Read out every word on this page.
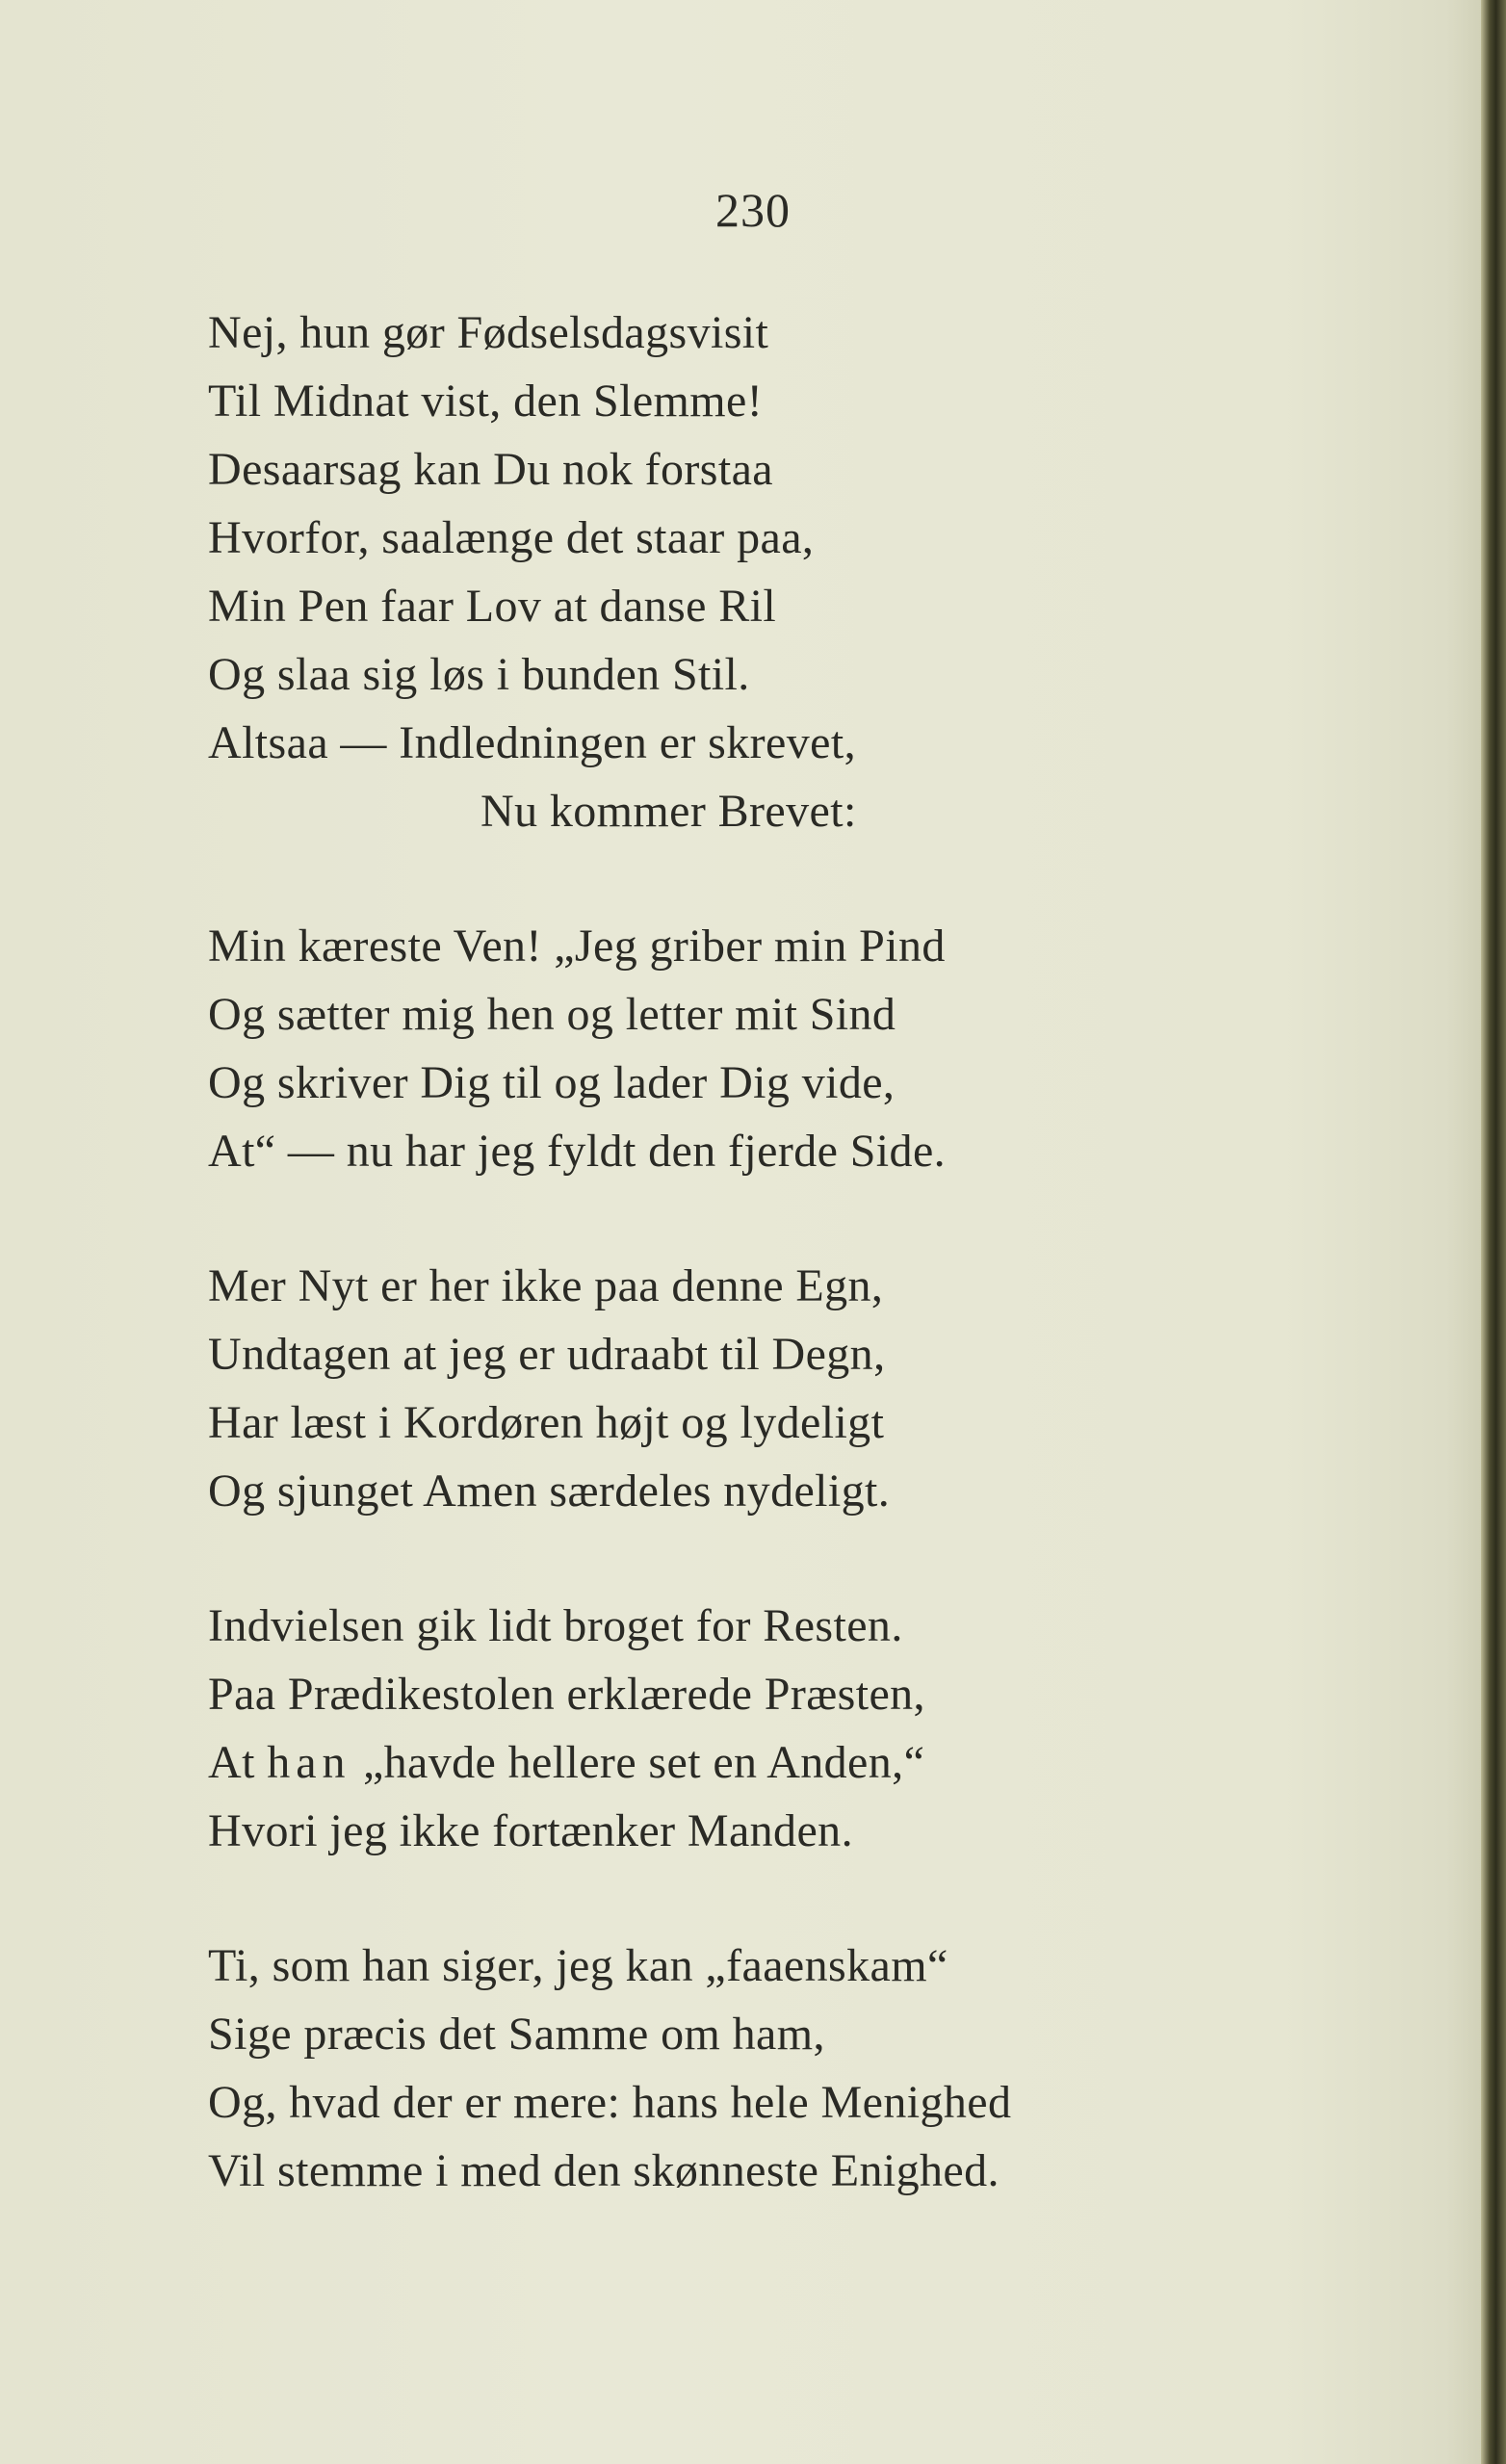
230
Nej, hun gør Fødselsdagsvisit
Til Midnat vist, den Slemme!
Desaarsag kan Du nok forstaa
Hvorfor, saalænge det staar paa,
Min Pen faar Lov at danse Ril
Og slaa sig løs i bunden Stil.
Altsaa — Indledningen er skrevet,
Nu kommer Brevet:
Min kæreste Ven! „Jeg griber min Pind
Og sætter mig hen og letter mit Sind
Og skriver Dig til og lader Dig vide,
At“ — nu har jeg fyldt den fjerde Side.
Mer Nyt er her ikke paa denne Egn,
Undtagen at jeg er udraabt til Degn,
Har læst i Kordøren højt og lydeligt
Og sjunget Amen særdeles nydeligt.
Indvielsen gik lidt broget for Resten.
Paa Prædikestolen erklærede Præsten,
At han „havde hellere set en Anden,“
Hvori jeg ikke fortænker Manden.
Ti, som han siger, jeg kan „faaenskam“
Sige præcis det Samme om ham,
Og, hvad der er mere: hans hele Menighed
Vil stemme i med den skønneste Enighed.
